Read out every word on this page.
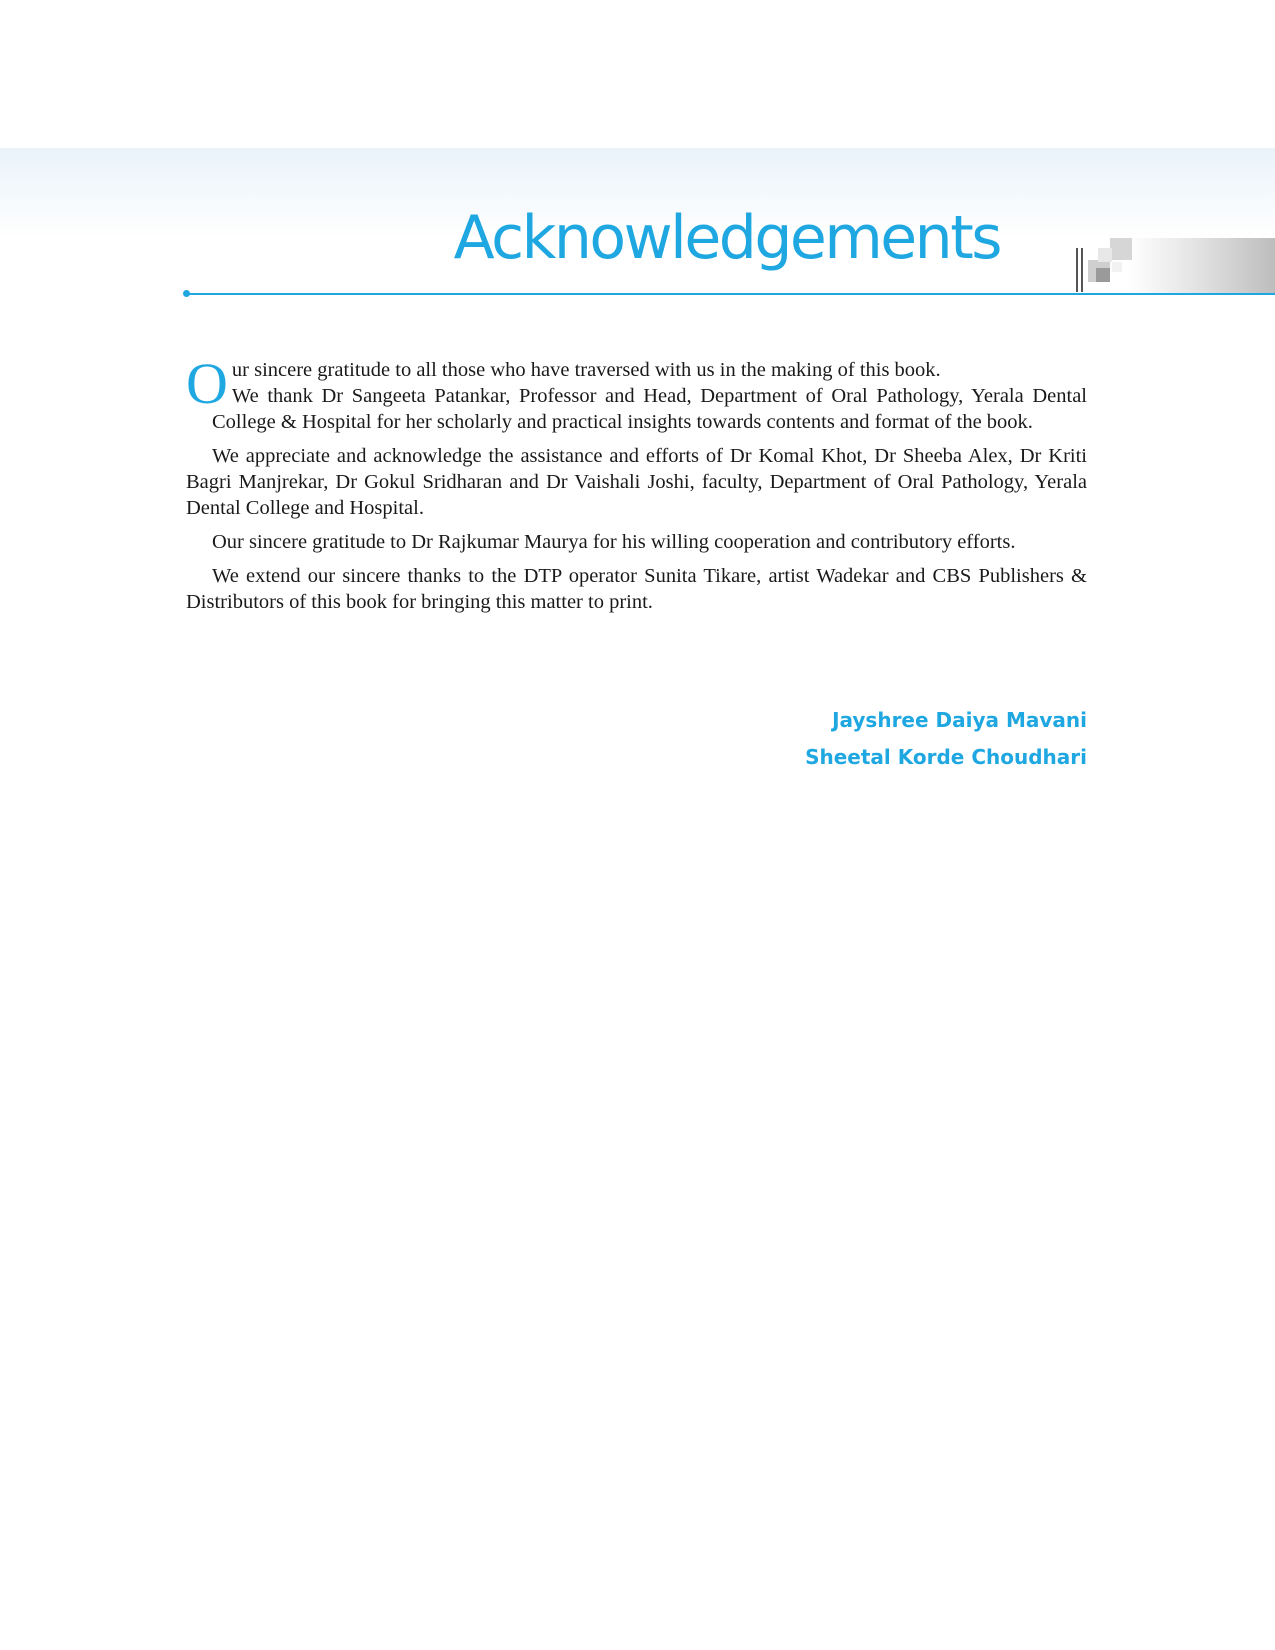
Acknowledgements

O ur sincere gratitude to all those who have traversed with us in the making of this book.
We thank Dr Sangeeta Patankar, Professor and Head, Department of Oral Pathology, Yerala Dental College & Hospital for her scholarly and practical insights towards contents and format of the book.

We appreciate and acknowledge the assistance and efforts of Dr Komal Khot, Dr Sheeba Alex, Dr Kriti Bagri Manjrekar, Dr Gokul Sridharan and Dr Vaishali Joshi, faculty, Department of Oral Pathology, Yerala Dental College and Hospital.

Our sincere gratitude to Dr Rajkumar Maurya for his willing cooperation and contributory efforts.

We extend our sincere thanks to the DTP operator Sunita Tikare, artist Wadekar and CBS Publishers & Distributors of this book for bringing this matter to print.

Jayshree Daiya Mavani
Sheetal Korde Choudhari
